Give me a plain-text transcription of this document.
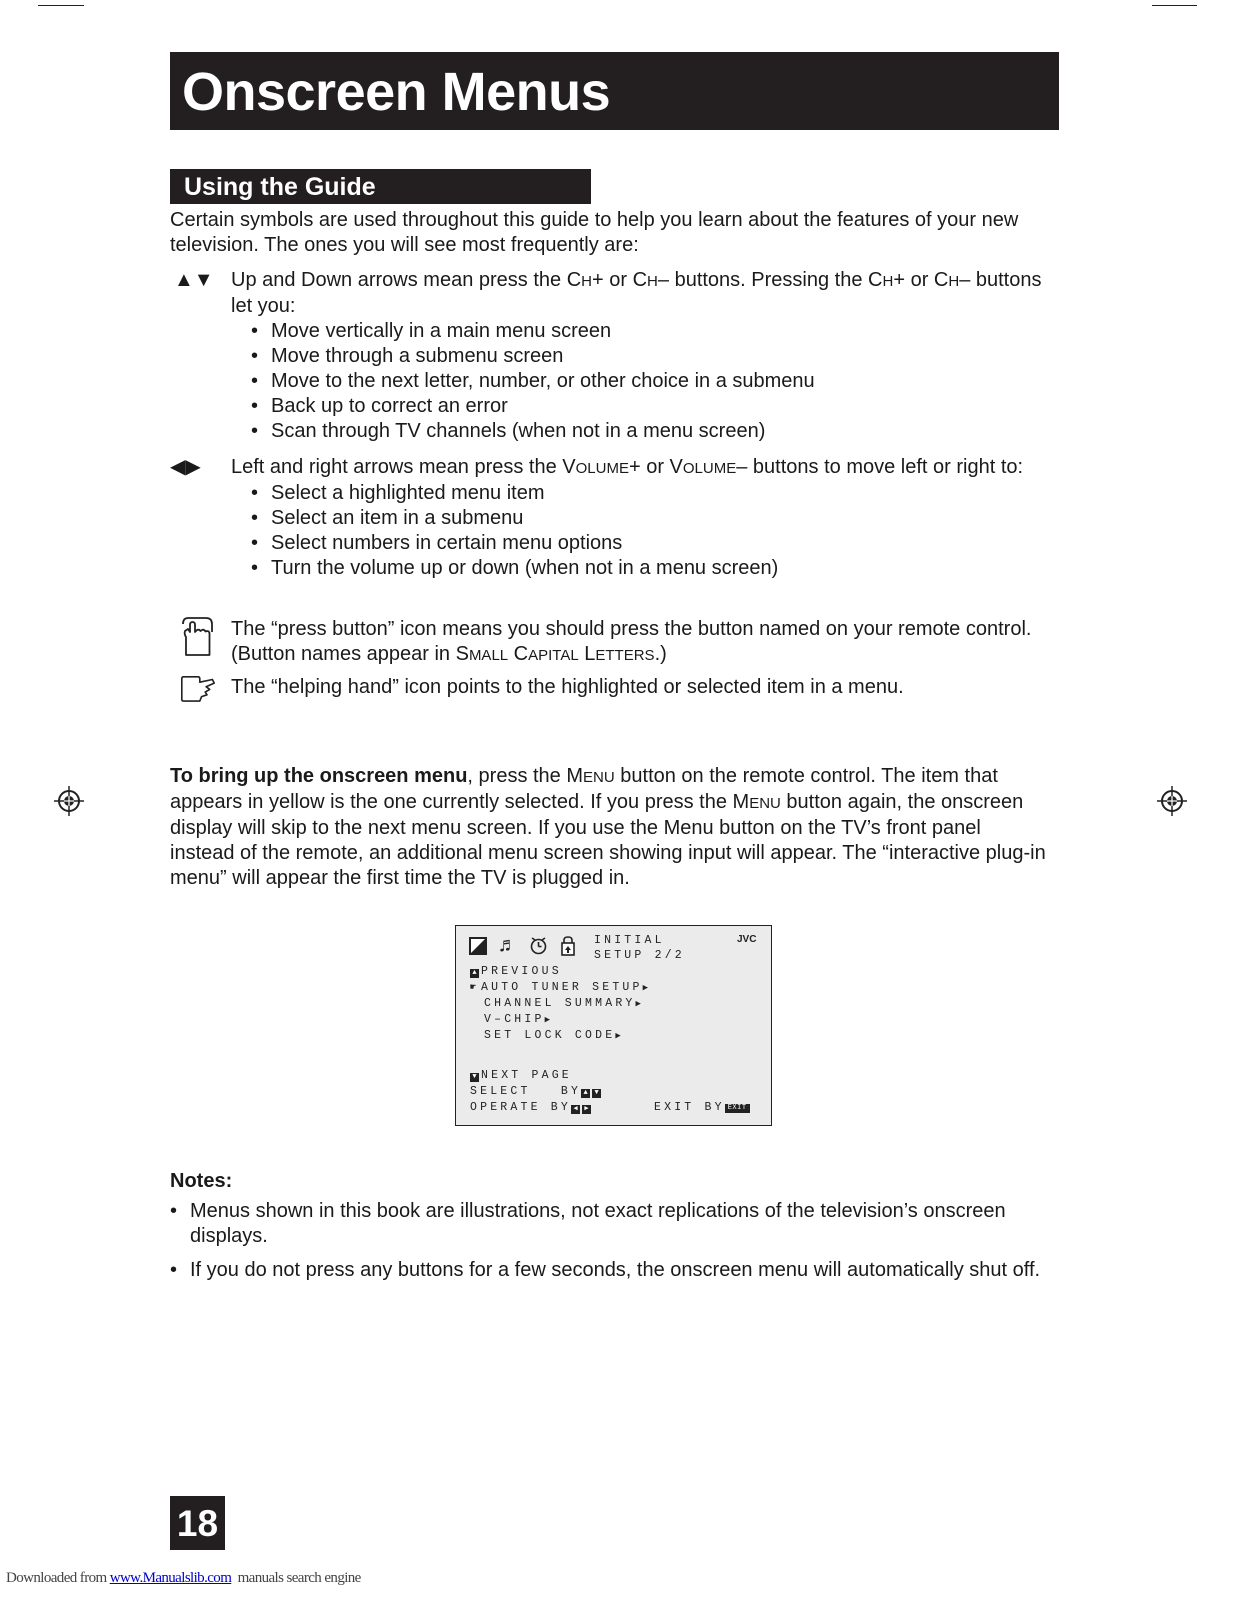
Onscreen Menus
Using the Guide

Certain symbols are used throughout this guide to help you learn about the features of your new television. The ones you will see most frequently are:

▲▼ Up and Down arrows mean press the CH+ or CH– buttons. Pressing the CH+ or CH– buttons let you:
• Move vertically in a main menu screen
• Move through a submenu screen
• Move to the next letter, number, or other choice in a submenu
• Back up to correct an error
• Scan through TV channels (when not in a menu screen)
◀▶	Left and right arrows mean press the VOLUME+ or VOLUME– buttons to move left or right to:
• Select a highlighted menu item
• Select an item in a submenu
• Select numbers in certain menu options
• Turn the volume up or down (when not in a menu screen)
The “press button” icon means you should press the button named on your remote control. (Button names appear in SMALL CAPITAL LETTERS.)
The “helping hand” icon points to the highlighted or selected item in a menu.

To bring up the onscreen menu, press the MENU button on the remote control. The item that appears in yellow is the one currently selected. If you press the MENU button again, the onscreen display will skip to the next menu screen. If you use the Menu button on the TV’s front panel instead of the remote, an additional menu screen showing input will appear. The “interactive plug-in menu” will appear the first time the TV is plugged in.

♬	INITIAL
SETUP 2/2
JVC
▲ PREVIOUS
☛ AUTO TUNER SETUP▶
CHANNEL SUMMARY▶
V–CHIP▶
SET LOCK CODE▶
▼ NEXT PAGE
SELECT   BY ▲ ▼
OPERATE BY ◀ ▶	EXIT BY EXIT
Notes:
• Menus shown in this book are illustrations, not exact replications of the television’s onscreen displays.
• If you do not press any buttons for a few seconds, the onscreen menu will automatically shut off.
18
Downloaded from www.Manualslib.com  manuals search engine
